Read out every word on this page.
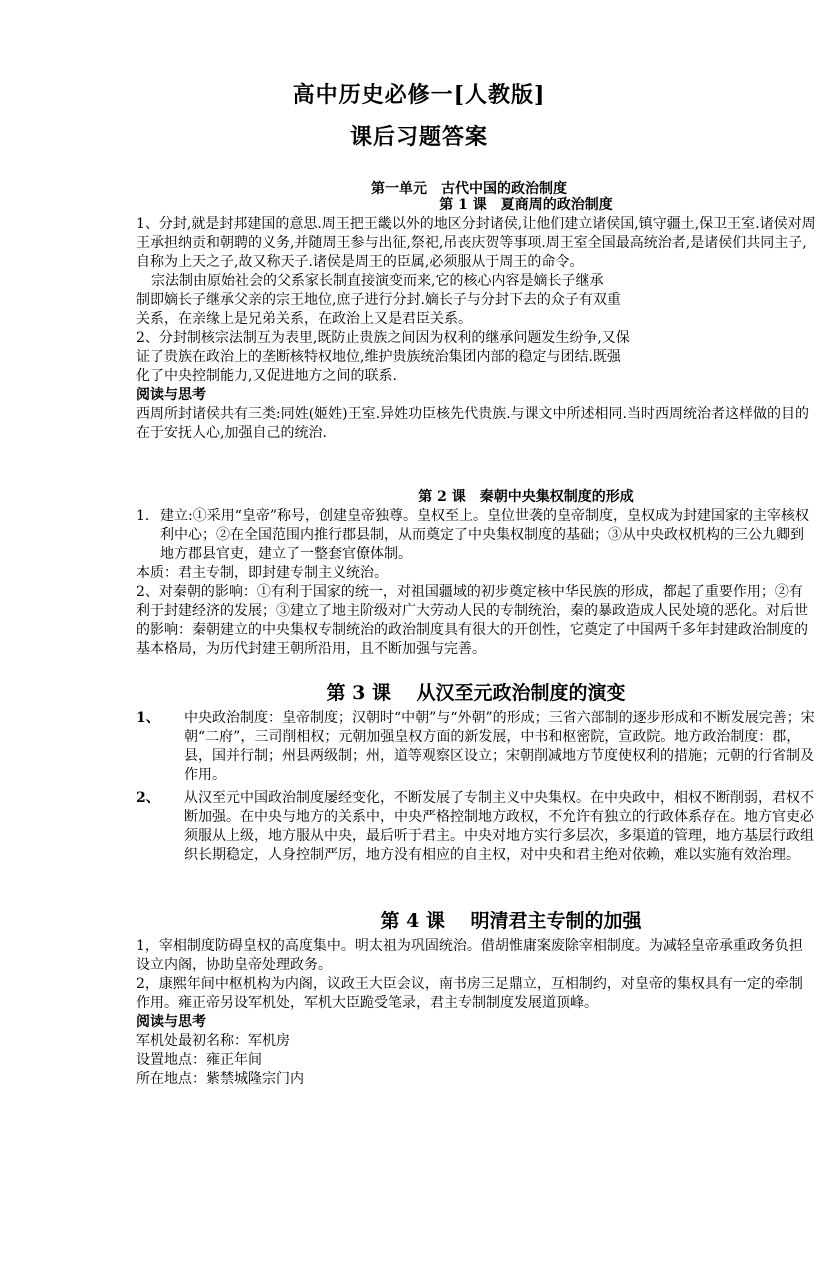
高中历史必修一[人教版]
课后习题答案
第一单元　古代中国的政治制度
第 1 课　夏商周的政治制度

1、分封,就是封邦建国的意思.周王把王畿以外的地区分封诸侯,让他们建立诸侯国,镇守疆土,保卫王室.诸侯对周王承担纳贡和朝聘的义务,并随周王参与出征,祭祀,吊丧庆贺等事项.周王室全国最高统治者,是诸侯们共同主子,自称为上天之子,故又称天子.诸侯是周王的臣属,必须服从于周王的命令。

宗法制由原始社会的父系家长制直接演变而来,它的核心内容是嫡长子继承

制即嫡长子继承父亲的宗王地位,庶子进行分封.嫡长子与分封下去的众子有双重

关系，在亲缘上是兄弟关系，在政治上又是君臣关系。

2、分封制核宗法制互为表里,既防止贵族之间因为权利的继承问题发生纷争,又保

证了贵族在政治上的垄断核特权地位,维护贵族统治集团内部的稳定与团结.既强

化了中央控制能力,又促进地方之间的联系.

阅读与思考

西周所封诸侯共有三类:同姓(姬姓)王室.异姓功臣核先代贵族.与课文中所述相同.当时西周统治者这样做的目的在于安抚人心,加强自己的统治.

第 2 课　秦朝中央集权制度的形成
1. 建立:①采用“皇帝”称号，创建皇帝独尊。皇权至上。皇位世袭的皇帝制度，皇权成为封建国家的主宰核权利中心；②在全国范围内推行郡县制，从而奠定了中央集权制度的基础；③从中央政权机构的三公九卿到地方郡县官吏，建立了一整套官僚体制。

本质：君主专制，即封建专制主义统治。

2、对秦朝的影响：①有利于国家的统一，对祖国疆域的初步奠定核中华民族的形成，都起了重要作用；②有利于封建经济的发展；③建立了地主阶级对广大劳动人民的专制统治，秦的暴政造成人民处境的恶化。对后世的影响：秦朝建立的中央集权专制统治的政治制度具有很大的开创性，它奠定了中国两千多年封建政治制度的基本格局，为历代封建王朝所沿用，且不断加强与完善。

第 3 课　 从汉至元政治制度的演变
1、	中央政治制度：皇帝制度；汉朝时“中朝”与“外朝”的形成；三省六部制的逐步形成和不断发展完善；宋朝“二府”，三司削相权；元朝加强皇权方面的新发展，中书和枢密院，宣政院。地方政治制度：郡，县，国并行制；州县两级制；州，道等观察区设立；宋朝削减地方节度使权利的措施；元朝的行省制及作用。
2、	从汉至元中国政治制度屡经变化，不断发展了专制主义中央集权。在中央政中，相权不断削弱，君权不断加强。在中央与地方的关系中，中央严格控制地方政权，不允许有独立的行政体系存在。地方官吏必须服从上级，地方服从中央，最后听于君主。中央对地方实行多层次，多渠道的管理，地方基层行政组织长期稳定，人身控制严厉，地方没有相应的自主权，对中央和君主绝对依赖，难以实施有效治理。
第 4 课　 明清君主专制的加强

1，宰相制度防碍皇权的高度集中。明太祖为巩固统治。借胡惟庸案废除宰相制度。为减轻皇帝承重政务负担设立内阁，协助皇帝处理政务。

2，康熙年间中枢机构为内阁，议政王大臣会议，南书房三足鼎立，互相制约，对皇帝的集权具有一定的牵制作用。雍正帝另设军机处，军机大臣跪受笔录，君主专制制度发展道顶峰。

阅读与思考

军机处最初名称：军机房

设置地点：雍正年间

所在地点：紫禁城隆宗门内
